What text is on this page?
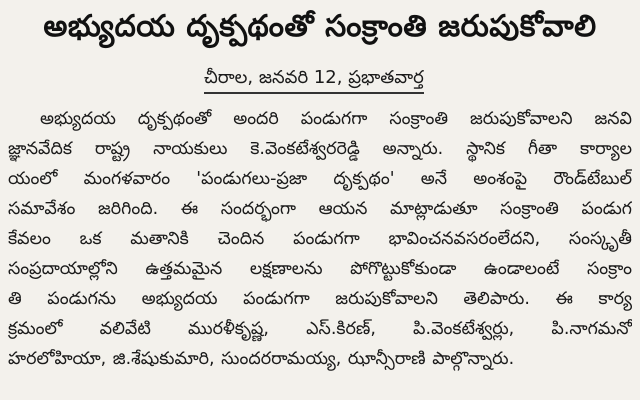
అభ్యుదయ దృక్పథంతో సంక్రాంతి జరుపుకోవాలి
చీరాల, జనవరి 12, ప్రభాతవార్త
అభ్యుదయ దృక్పథంతో అందరి పండుగగా సంక్రాంతి జరుపుకోవాలని జనవి
జ్ఞానవేదిక రాష్ట్ర నాయకులు కె.వెంకటేశ్వరరెడ్డి అన్నారు. స్థానిక గీతా కార్యాల
యంలో మంగళవారం 'పండుగలు-ప్రజా దృక్పథం' అనే అంశంపై రౌండ్‌టేబుల్
సమావేశం జరిగింది. ఈ సందర్భంగా ఆయన మాట్లాడుతూ సంక్రాంతి పండుగ
కేవలం ఒక మతానికి చెందిన పండుగగా భావించనవసరంలేదని, సంస్కృతీ
సంప్రదాయాల్లోని ఉత్తమమైన లక్షణాలను పోగొట్టుకోకుండా ఉండాలంటే సంక్రాం
తి పండుగను అభ్యుదయ పండుగగా జరుపుకోవాలని తెలిపారు. ఈ కార్య
క్రమంలో వలివేటి మురళీకృష్ణ, ఎస్.కిరణ్, పి.వెంకటేశ్వర్లు, పి.నాగమనో
హరలోహియా, జి.శేషుకుమారి, సుందరరామయ్య, ఝాన్సీరాణి పాల్గొన్నారు.
